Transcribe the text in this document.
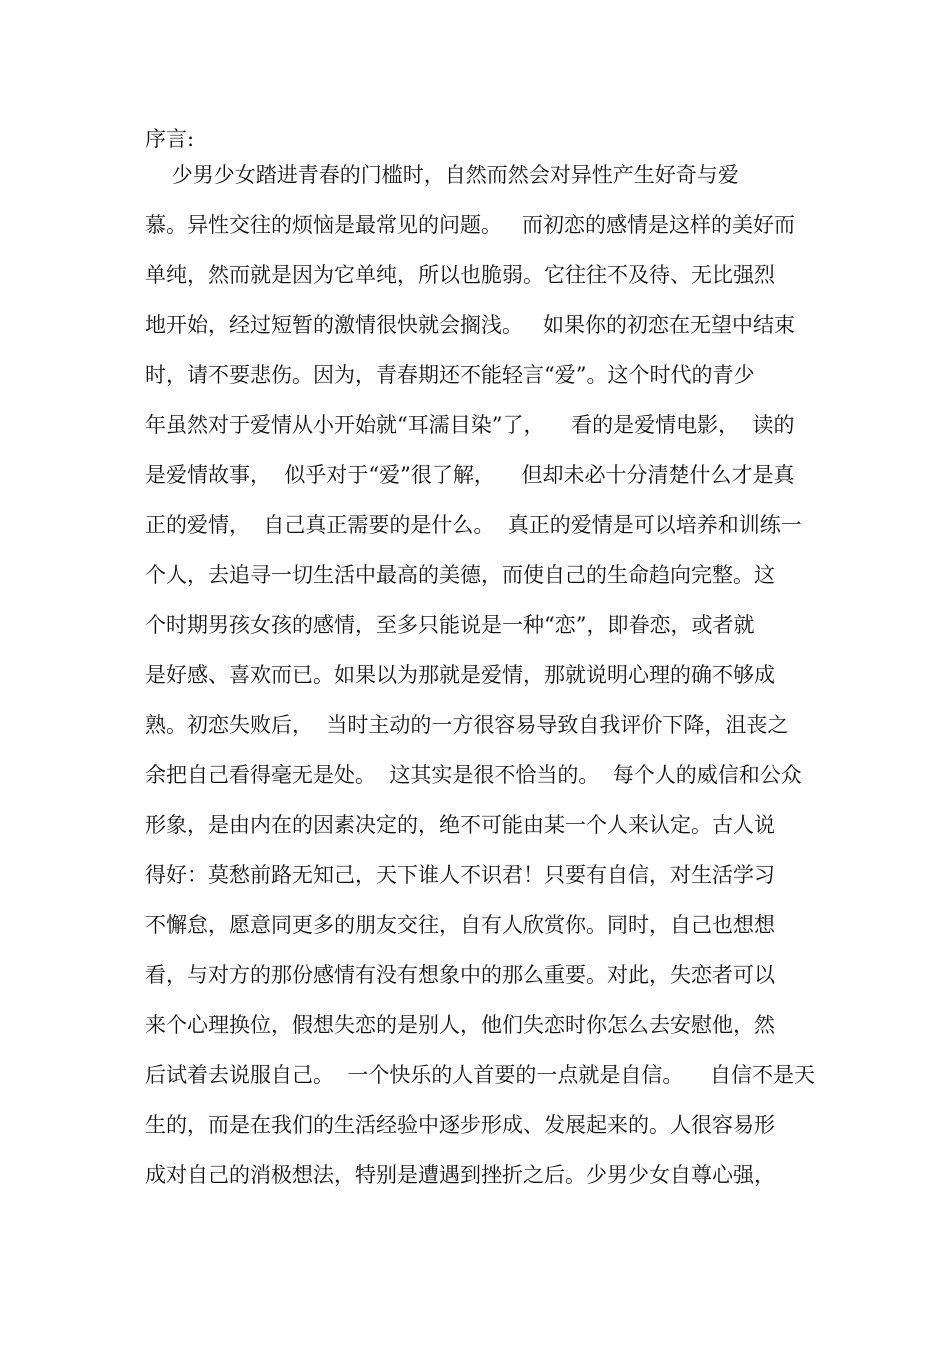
序言:
少男少女踏进青春的门槛时，自然而然会对异性产生好奇与爱
慕。异性交往的烦恼是最常见的问题。   而初恋的感情是这样的美好而
单纯，然而就是因为它单纯，所以也脆弱。它往往不及待、无比强烈
地开始，经过短暂的激情很快就会搁浅。   如果你的初恋在无望中结束
时，请不要悲伤。因为，青春期还不能轻言“爱”。这个时代的青少
年虽然对于爱情从小开始就“耳濡目染”了，    看的是爱情电影，  读的
是爱情故事，  似乎对于“爱”很了解，    但却未必十分清楚什么才是真
正的爱情，  自己真正需要的是什么。  真正的爱情是可以培养和训练一
个人，去追寻一切生活中最高的美德，而使自己的生命趋向完整。这
个时期男孩女孩的感情，至多只能说是一种“恋”，即眷恋，或者就
是好感、喜欢而已。如果以为那就是爱情，那就说明心理的确不够成
熟。初恋失败后，  当时主动的一方很容易导致自我评价下降，沮丧之
余把自己看得毫无是处。  这其实是很不恰当的。  每个人的威信和公众
形象，是由内在的因素决定的，绝不可能由某一个人来认定。古人说
得好：莫愁前路无知己，天下谁人不识君！只要有自信，对生活学习
不懈怠，愿意同更多的朋友交往，自有人欣赏你。同时，自己也想想
看，与对方的那份感情有没有想象中的那么重要。对此，失恋者可以
来个心理换位，假想失恋的是别人，他们失恋时你怎么去安慰他，然
后试着去说服自己。  一个快乐的人首要的一点就是自信。    自信不是天
生的，而是在我们的生活经验中逐步形成、发展起来的。人很容易形
成对自己的消极想法，特别是遭遇到挫折之后。少男少女自尊心强，
